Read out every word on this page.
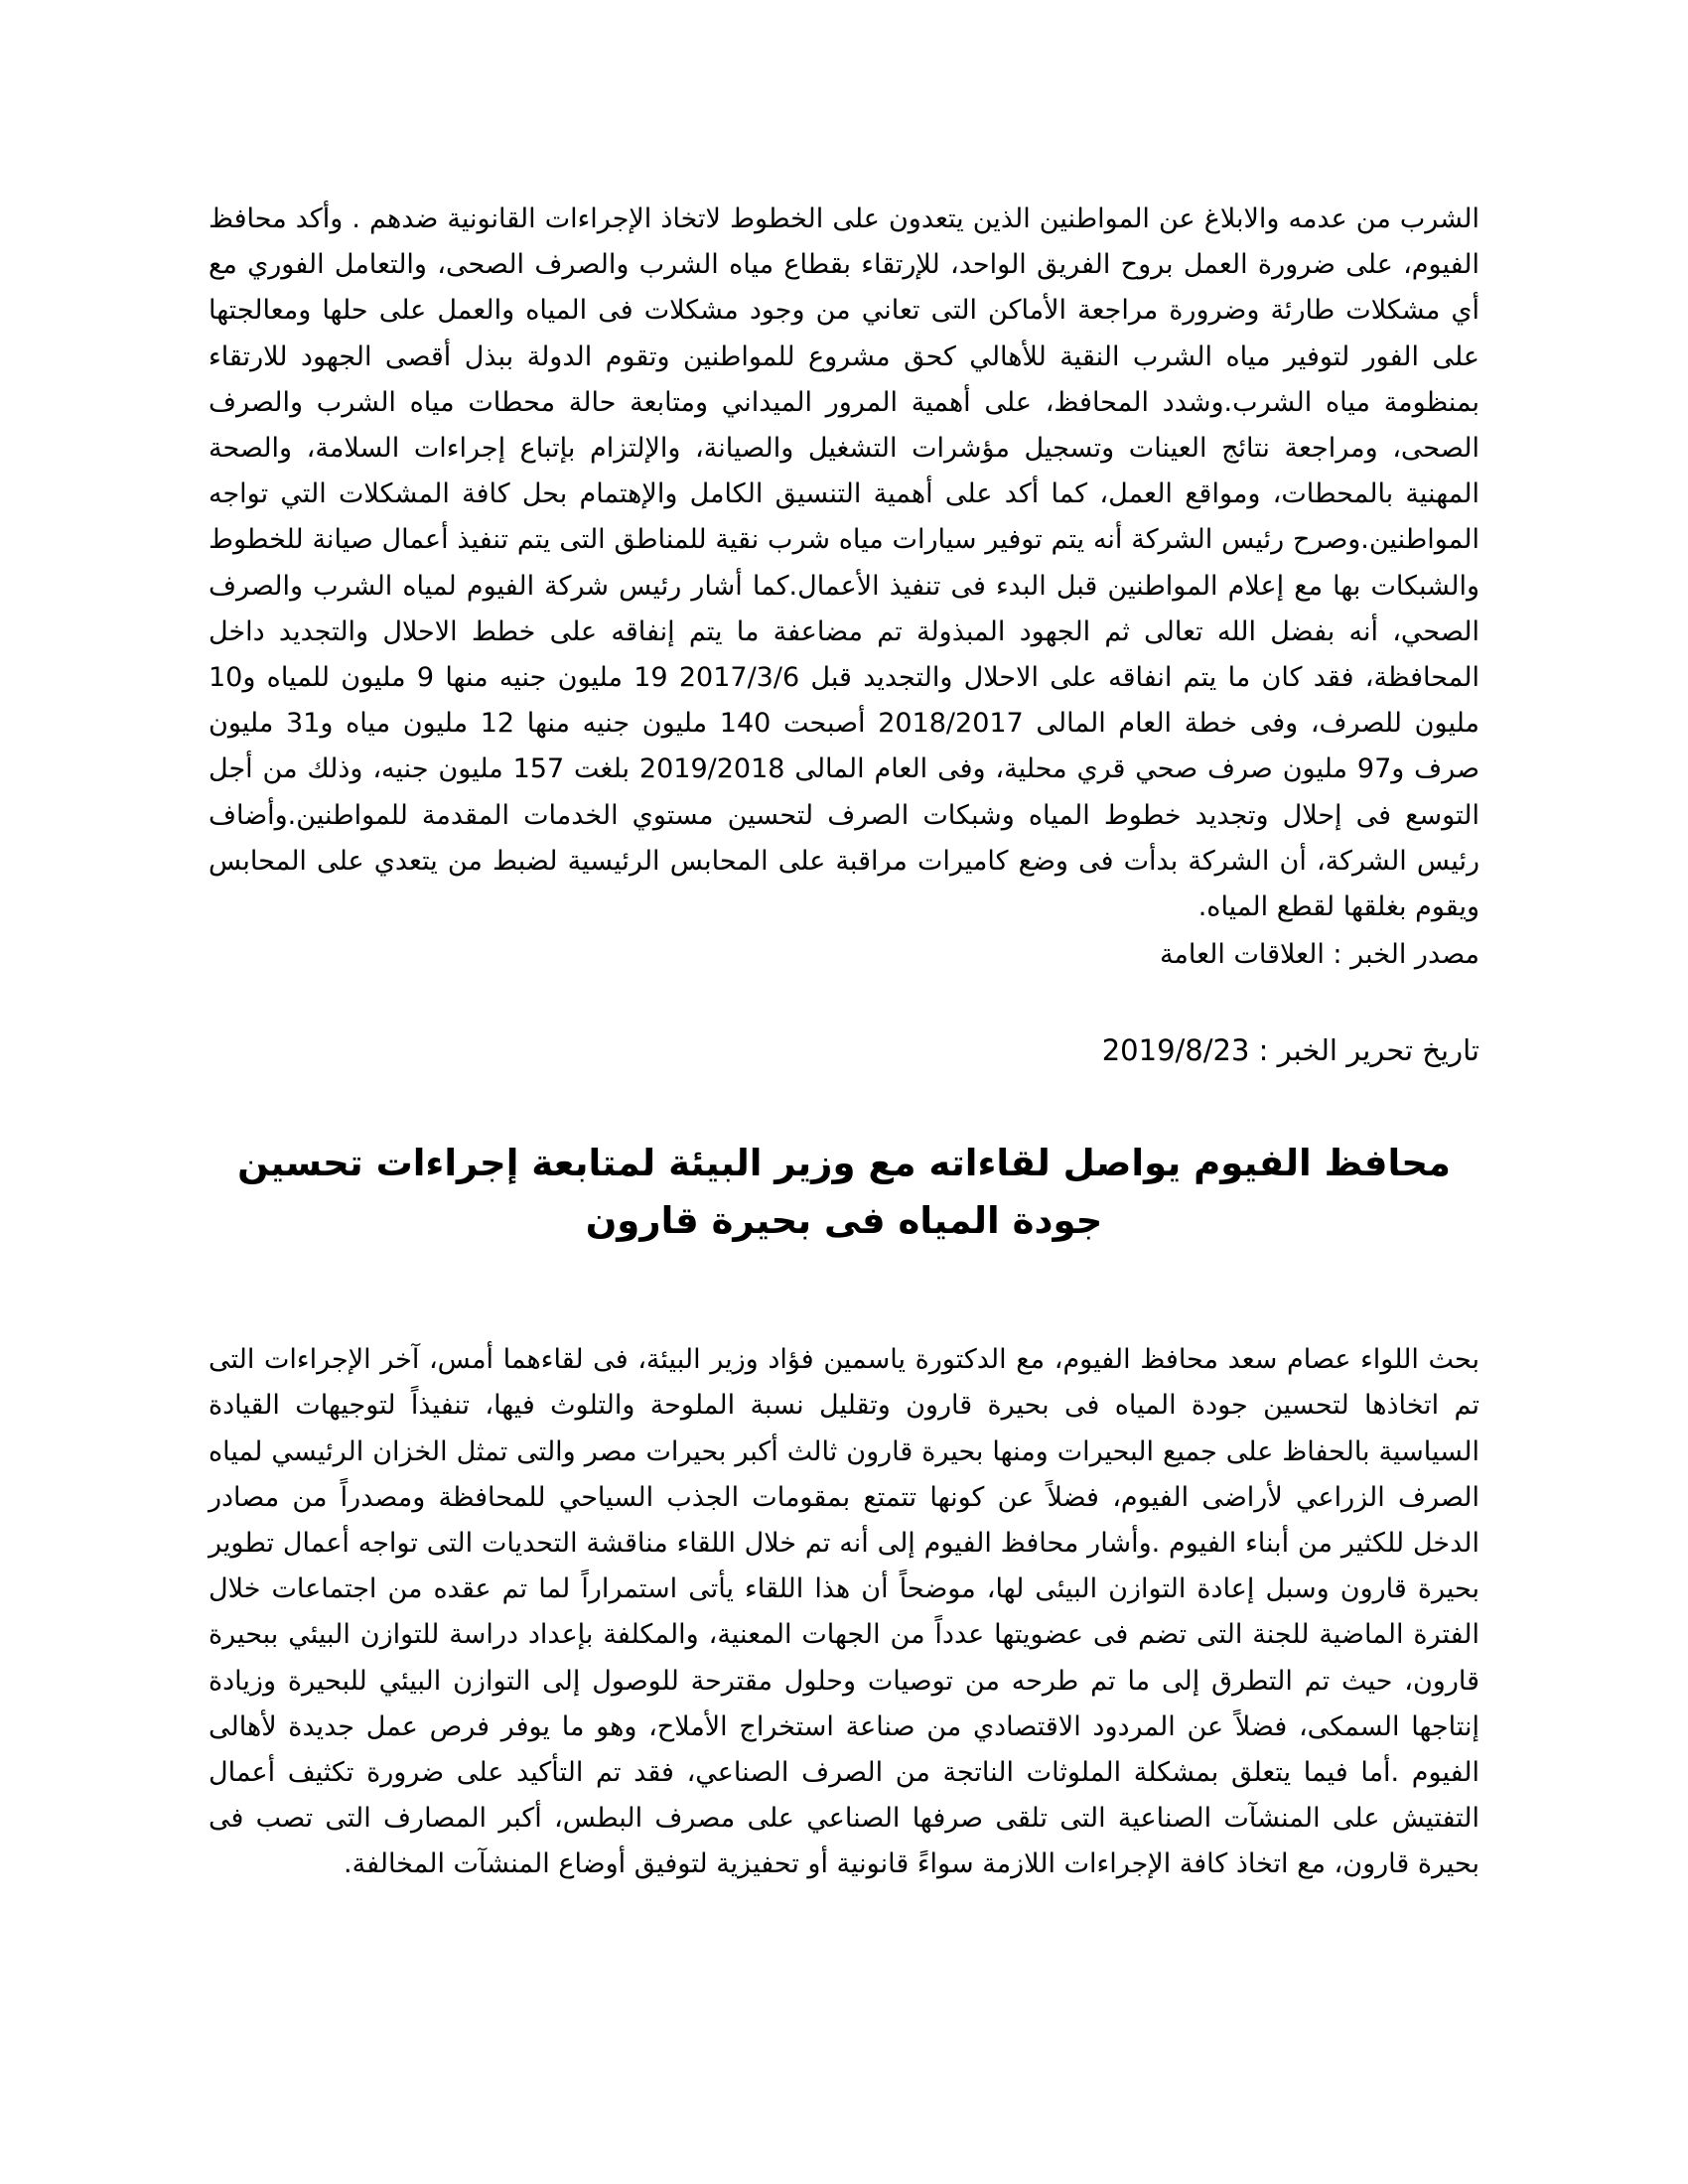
الشرب من عدمه والابلاغ عن المواطنين الذين يتعدون على الخطوط لاتخاذ الإجراءات القانونية ضدهم . وأكد محافظ الفيوم، على ضرورة العمل بروح الفريق الواحد، للإرتقاء بقطاع مياه الشرب والصرف الصحى، والتعامل الفوري مع أي مشكلات طارئة وضرورة مراجعة الأماكن التى تعاني من وجود مشكلات فى المياه والعمل على حلها ومعالجتها على الفور لتوفير مياه الشرب النقية للأهالي كحق مشروع للمواطنين وتقوم الدولة ببذل أقصى الجهود للارتقاء بمنظومة مياه الشرب.وشدد المحافظ، على أهمية المرور الميداني ومتابعة حالة محطات مياه الشرب والصرف الصحى، ومراجعة نتائج العينات وتسجيل مؤشرات التشغيل والصيانة، والإلتزام بإتباع إجراءات السلامة، والصحة المهنية بالمحطات، ومواقع العمل، كما أكد على أهمية التنسيق الكامل والإهتمام بحل كافة المشكلات التي تواجه المواطنين.وصرح رئيس الشركة أنه يتم توفير سيارات مياه شرب نقية للمناطق التى يتم تنفيذ أعمال صيانة للخطوط والشبكات بها مع إعلام المواطنين قبل البدء فى تنفيذ الأعمال.كما أشار رئيس شركة الفيوم لمياه الشرب والصرف الصحي، أنه بفضل الله تعالى ثم الجهود المبذولة تم مضاعفة ما يتم إنفاقه على خطط الاحلال والتجديد داخل المحافظة، فقد كان ما يتم انفاقه على الاحلال والتجديد قبل 2017/3/6 19 مليون جنيه منها 9 مليون للمياه و10 مليون للصرف، وفى خطة العام المالى 2018/2017 أصبحت 140 مليون جنيه منها 12 مليون مياه و31 مليون صرف و97 مليون صرف صحي قري محلية، وفى العام المالى 2019/2018 بلغت 157 مليون جنيه، وذلك من أجل التوسع فى إحلال وتجديد خطوط المياه وشبكات الصرف لتحسين مستوي الخدمات المقدمة للمواطنين.وأضاف رئيس الشركة، أن الشركة بدأت فى وضع كاميرات مراقبة على المحابس الرئيسية لضبط من يتعدي على المحابس ويقوم بغلقها لقطع المياه.

مصدر الخبر : العلاقات العامة

تاريخ تحرير الخبر : 2019/8/23

محافظ الفيوم يواصل لقاءاته مع وزير البيئة لمتابعة إجراءات تحسين جودة المياه فى بحيرة قارون

بحث اللواء عصام سعد محافظ الفيوم، مع الدكتورة ياسمين فؤاد وزير البيئة، فى لقاءهما أمس، آخر الإجراءات التى تم اتخاذها لتحسين جودة المياه فى بحيرة قارون وتقليل نسبة الملوحة والتلوث فيها، تنفيذاً لتوجيهات القيادة السياسية بالحفاظ على جميع البحيرات ومنها بحيرة قارون ثالث أكبر بحيرات مصر والتى تمثل الخزان الرئيسي لمياه الصرف الزراعي لأراضى الفيوم، فضلاً عن كونها تتمتع بمقومات الجذب السياحي للمحافظة ومصدراً من مصادر الدخل للكثير من أبناء الفيوم .وأشار محافظ الفيوم إلى أنه تم خلال اللقاء مناقشة التحديات التى تواجه أعمال تطوير بحيرة قارون وسبل إعادة التوازن البيئى لها، موضحاً أن هذا اللقاء يأتى استمراراً لما تم عقده من اجتماعات خلال الفترة الماضية للجنة التى تضم فى عضويتها عدداً من الجهات المعنية، والمكلفة بإعداد دراسة للتوازن البيئي ببحيرة قارون، حيث تم التطرق إلى ما تم طرحه من توصيات وحلول مقترحة للوصول إلى التوازن البيئي للبحيرة وزيادة إنتاجها السمكى، فضلاً عن المردود الاقتصادي من صناعة استخراج الأملاح، وهو ما يوفر فرص عمل جديدة لأهالى الفيوم .أما فيما يتعلق بمشكلة الملوثات الناتجة من الصرف الصناعي، فقد تم التأكيد على ضرورة تكثيف أعمال التفتيش على المنشآت الصناعية التى تلقى صرفها الصناعي على مصرف البطس، أكبر المصارف التى تصب فى بحيرة قارون، مع اتخاذ كافة الإجراءات اللازمة سواءً قانونية أو تحفيزية لتوفيق أوضاع المنشآت المخالفة.
